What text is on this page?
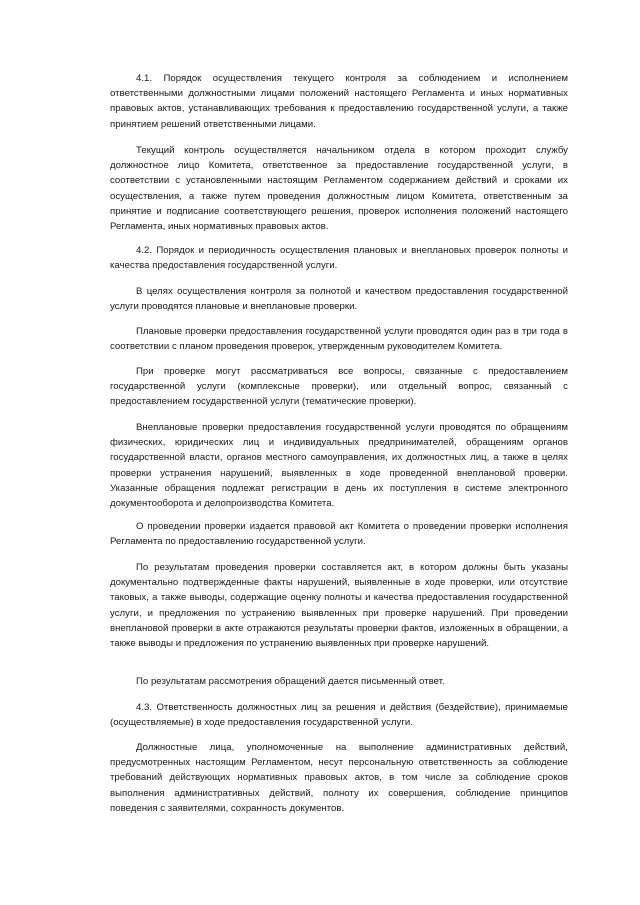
4.1. Порядок осуществления текущего контроля за соблюдением и исполнением ответственными должностными лицами положений настоящего Регламента и иных нормативных правовых актов, устанавливающих требования к предоставлению государственной услуги, а также принятием решений ответственными лицами.

Текущий контроль осуществляется начальником отдела в котором проходит службу должностное лицо Комитета, ответственное за предоставление государственной услуги, в соответствии с установленными настоящим Регламентом содержанием действий и сроками их осуществления, а также путем проведения должностным лицом Комитета, ответственным за принятие и подписание соответствующего решения, проверок исполнения положений настоящего Регламента, иных нормативных правовых актов.

4.2. Порядок и периодичность осуществления плановых и внеплановых проверок полноты и качества предоставления государственной услуги.

В целях осуществления контроля за полнотой и качеством предоставления государственной услуги проводятся плановые и внеплановые проверки.

Плановые проверки предоставления государственной услуги проводятся один раз в три года в соответствии с планом проведения проверок, утвержденным руководителем Комитета.

При проверке могут рассматриваться все вопросы, связанные с предоставлением государственной услуги (комплексные проверки), или отдельный вопрос, связанный с предоставлением государственной услуги (тематические проверки).

Внеплановые проверки предоставления государственной услуги проводятся по обращениям физических, юридических лиц и индивидуальных предпринимателей, обращениям органов государственной власти, органов местного самоуправления, их должностных лиц, а также в целях проверки устранения нарушений, выявленных в ходе проведенной внеплановой проверки. Указанные обращения подлежат регистрации в день их поступления в системе электронного документооборота и делопроизводства Комитета.

О проведении проверки издается правовой акт Комитета о проведении проверки исполнения Регламента по предоставлению государственной услуги.

По результатам проведения проверки составляется акт, в котором должны быть указаны документально подтвержденные факты нарушений, выявленные в ходе проверки, или отсутствие таковых, а также выводы, содержащие оценку полноты и качества предоставления государственной услуги, и предложения по устранению выявленных при проверке нарушений. При проведении внеплановой проверки в акте отражаются результаты проверки фактов, изложенных в обращении, а также выводы и предложения по устранению выявленных при проверке нарушений.

По результатам рассмотрения обращений дается письменный ответ.

4.3. Ответственность должностных лиц за решения и действия (бездействие), принимаемые (осуществляемые) в ходе предоставления государственной услуги.

Должностные лица, уполномоченные на выполнение административных действий, предусмотренных настоящим Регламентом, несут персональную ответственность за соблюдение требований действующих нормативных правовых актов, в том числе за соблюдение сроков выполнения административных действий, полноту их совершения, соблюдение принципов поведения с заявителями, сохранность документов.
